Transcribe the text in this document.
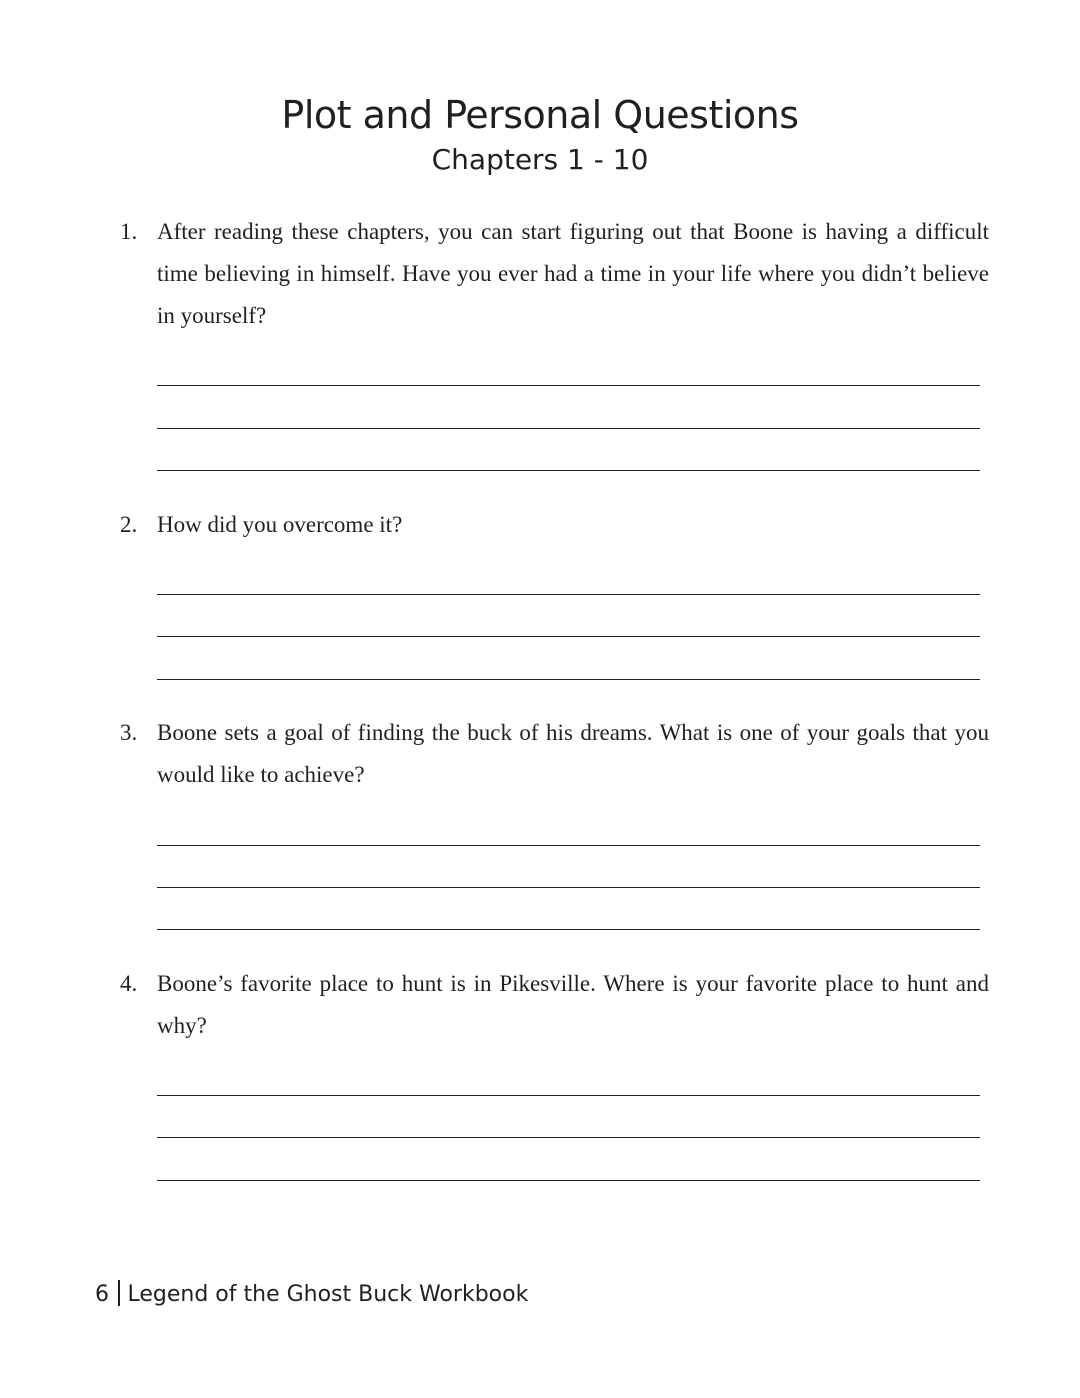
Plot and Personal Questions
Chapters 1 - 10
1. After reading these chapters, you can start figuring out that Boone is having a difficult time believing in himself. Have you ever had a time in your life where you didn’t believe in yourself?
2. How did you overcome it?
3. Boone sets a goal of finding the buck of his dreams. What is one of your goals that you would like to achieve?
4. Boone’s favorite place to hunt is in Pikesville. Where is your favorite place to hunt and why?
6 Legend of the Ghost Buck Workbook
